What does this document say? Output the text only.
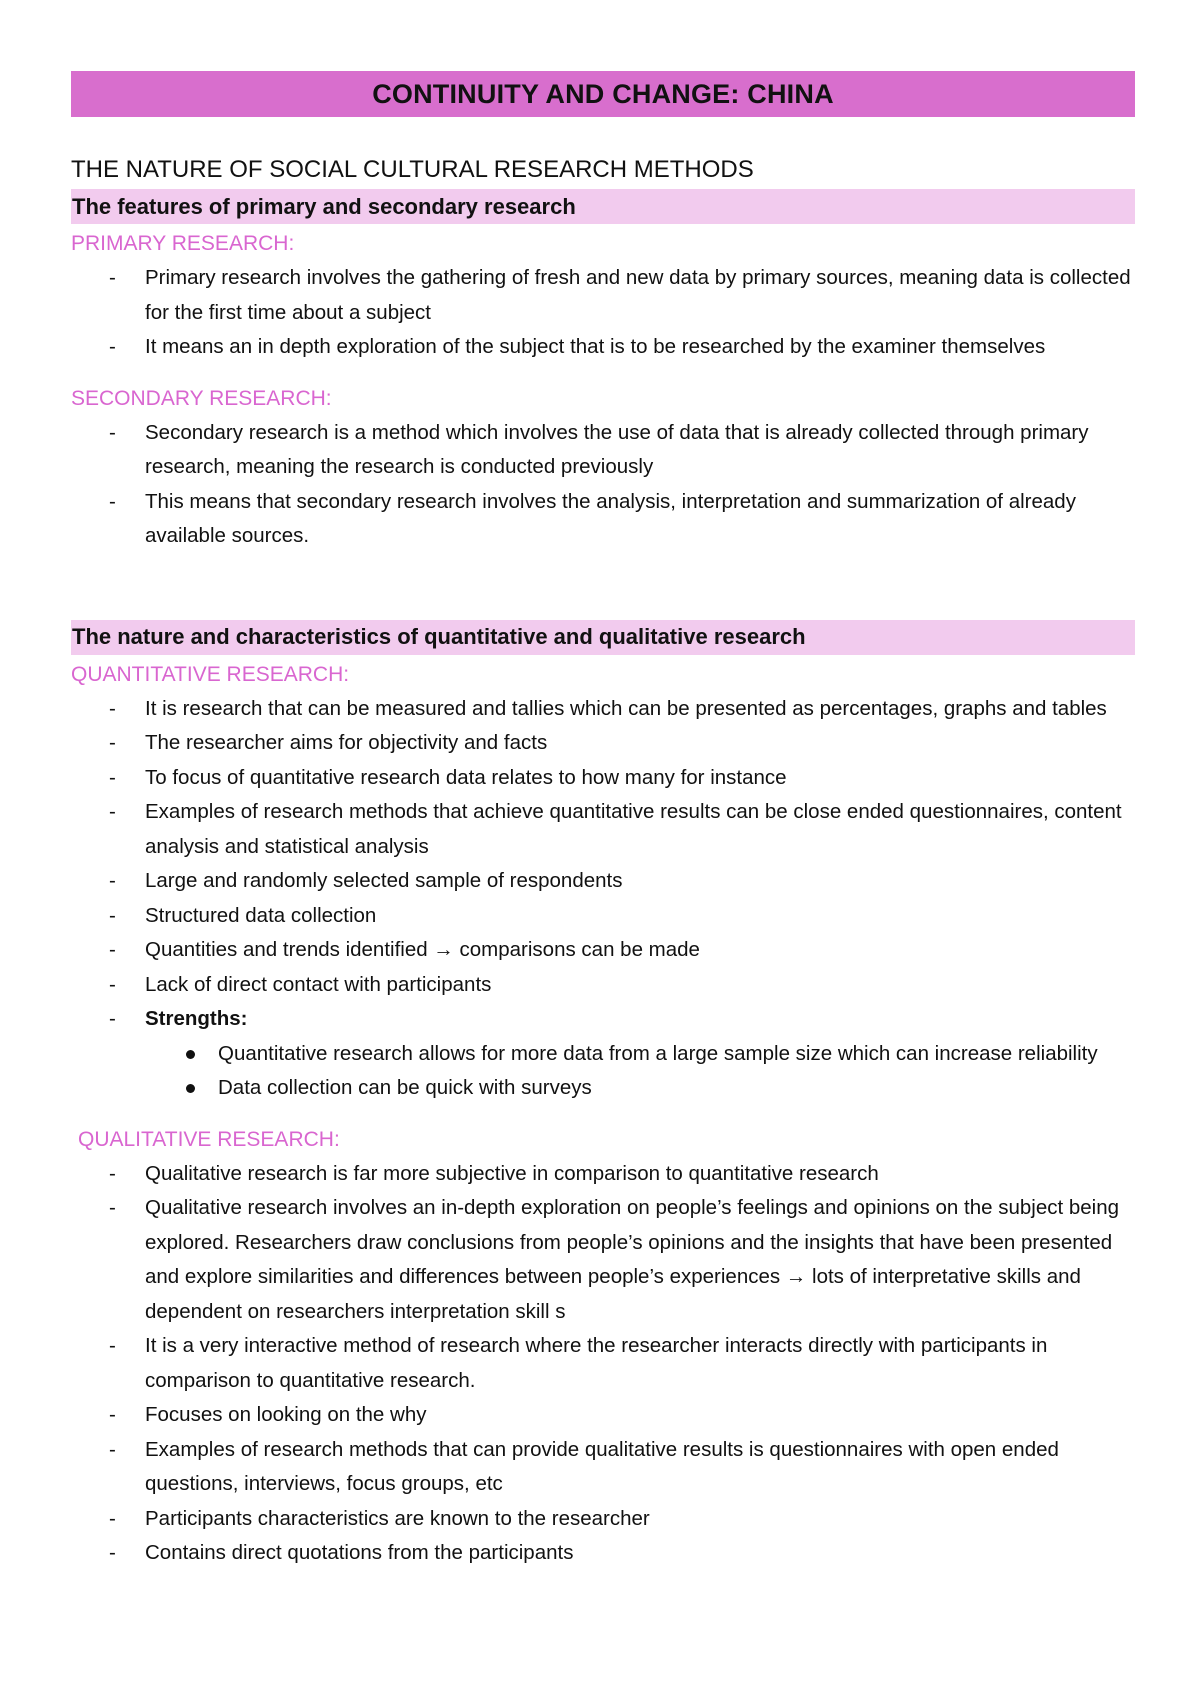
CONTINUITY AND CHANGE: CHINA
THE NATURE OF SOCIAL CULTURAL RESEARCH METHODS
The features of primary and secondary research
PRIMARY RESEARCH:
- Primary research involves the gathering of fresh and new data by primary sources, meaning data is collected for the first time about a subject
- It means an in depth exploration of the subject that is to be researched by the examiner themselves
SECONDARY RESEARCH:
- Secondary research is a method which involves the use of data that is already collected through primary research, meaning the research is conducted previously
- This means that secondary research involves the analysis, interpretation and summarization of already available sources.
The nature and characteristics of quantitative and qualitative research
QUANTITATIVE RESEARCH:
- It is research that can be measured and tallies which can be presented as percentages, graphs and tables
- The researcher aims for objectivity and facts
- To focus of quantitative research data relates to how many for instance
- Examples of research methods that achieve quantitative results can be close ended questionnaires, content analysis and statistical analysis
- Large and randomly selected sample of respondents
- Structured data collection
- Quantities and trends identified → comparisons can be made
- Lack of direct contact with participants
- Strengths:
Quantitative research allows for more data from a large sample size which can increase reliability
Data collection can be quick with surveys
QUALITATIVE RESEARCH:
- Qualitative research is far more subjective in comparison to quantitative research
- Qualitative research involves an in-depth exploration on people’s feelings and opinions on the subject being explored. Researchers draw conclusions from people’s opinions and the insights that have been presented and explore similarities and differences between people’s experiences → lots of interpretative skills and dependent on researchers interpretation skill s
- It is a very interactive method of research where the researcher interacts directly with participants in comparison to quantitative research.
- Focuses on looking on the why
- Examples of research methods that can provide qualitative results is questionnaires with open ended questions, interviews, focus groups, etc
- Participants characteristics are known to the researcher
- Contains direct quotations from the participants
